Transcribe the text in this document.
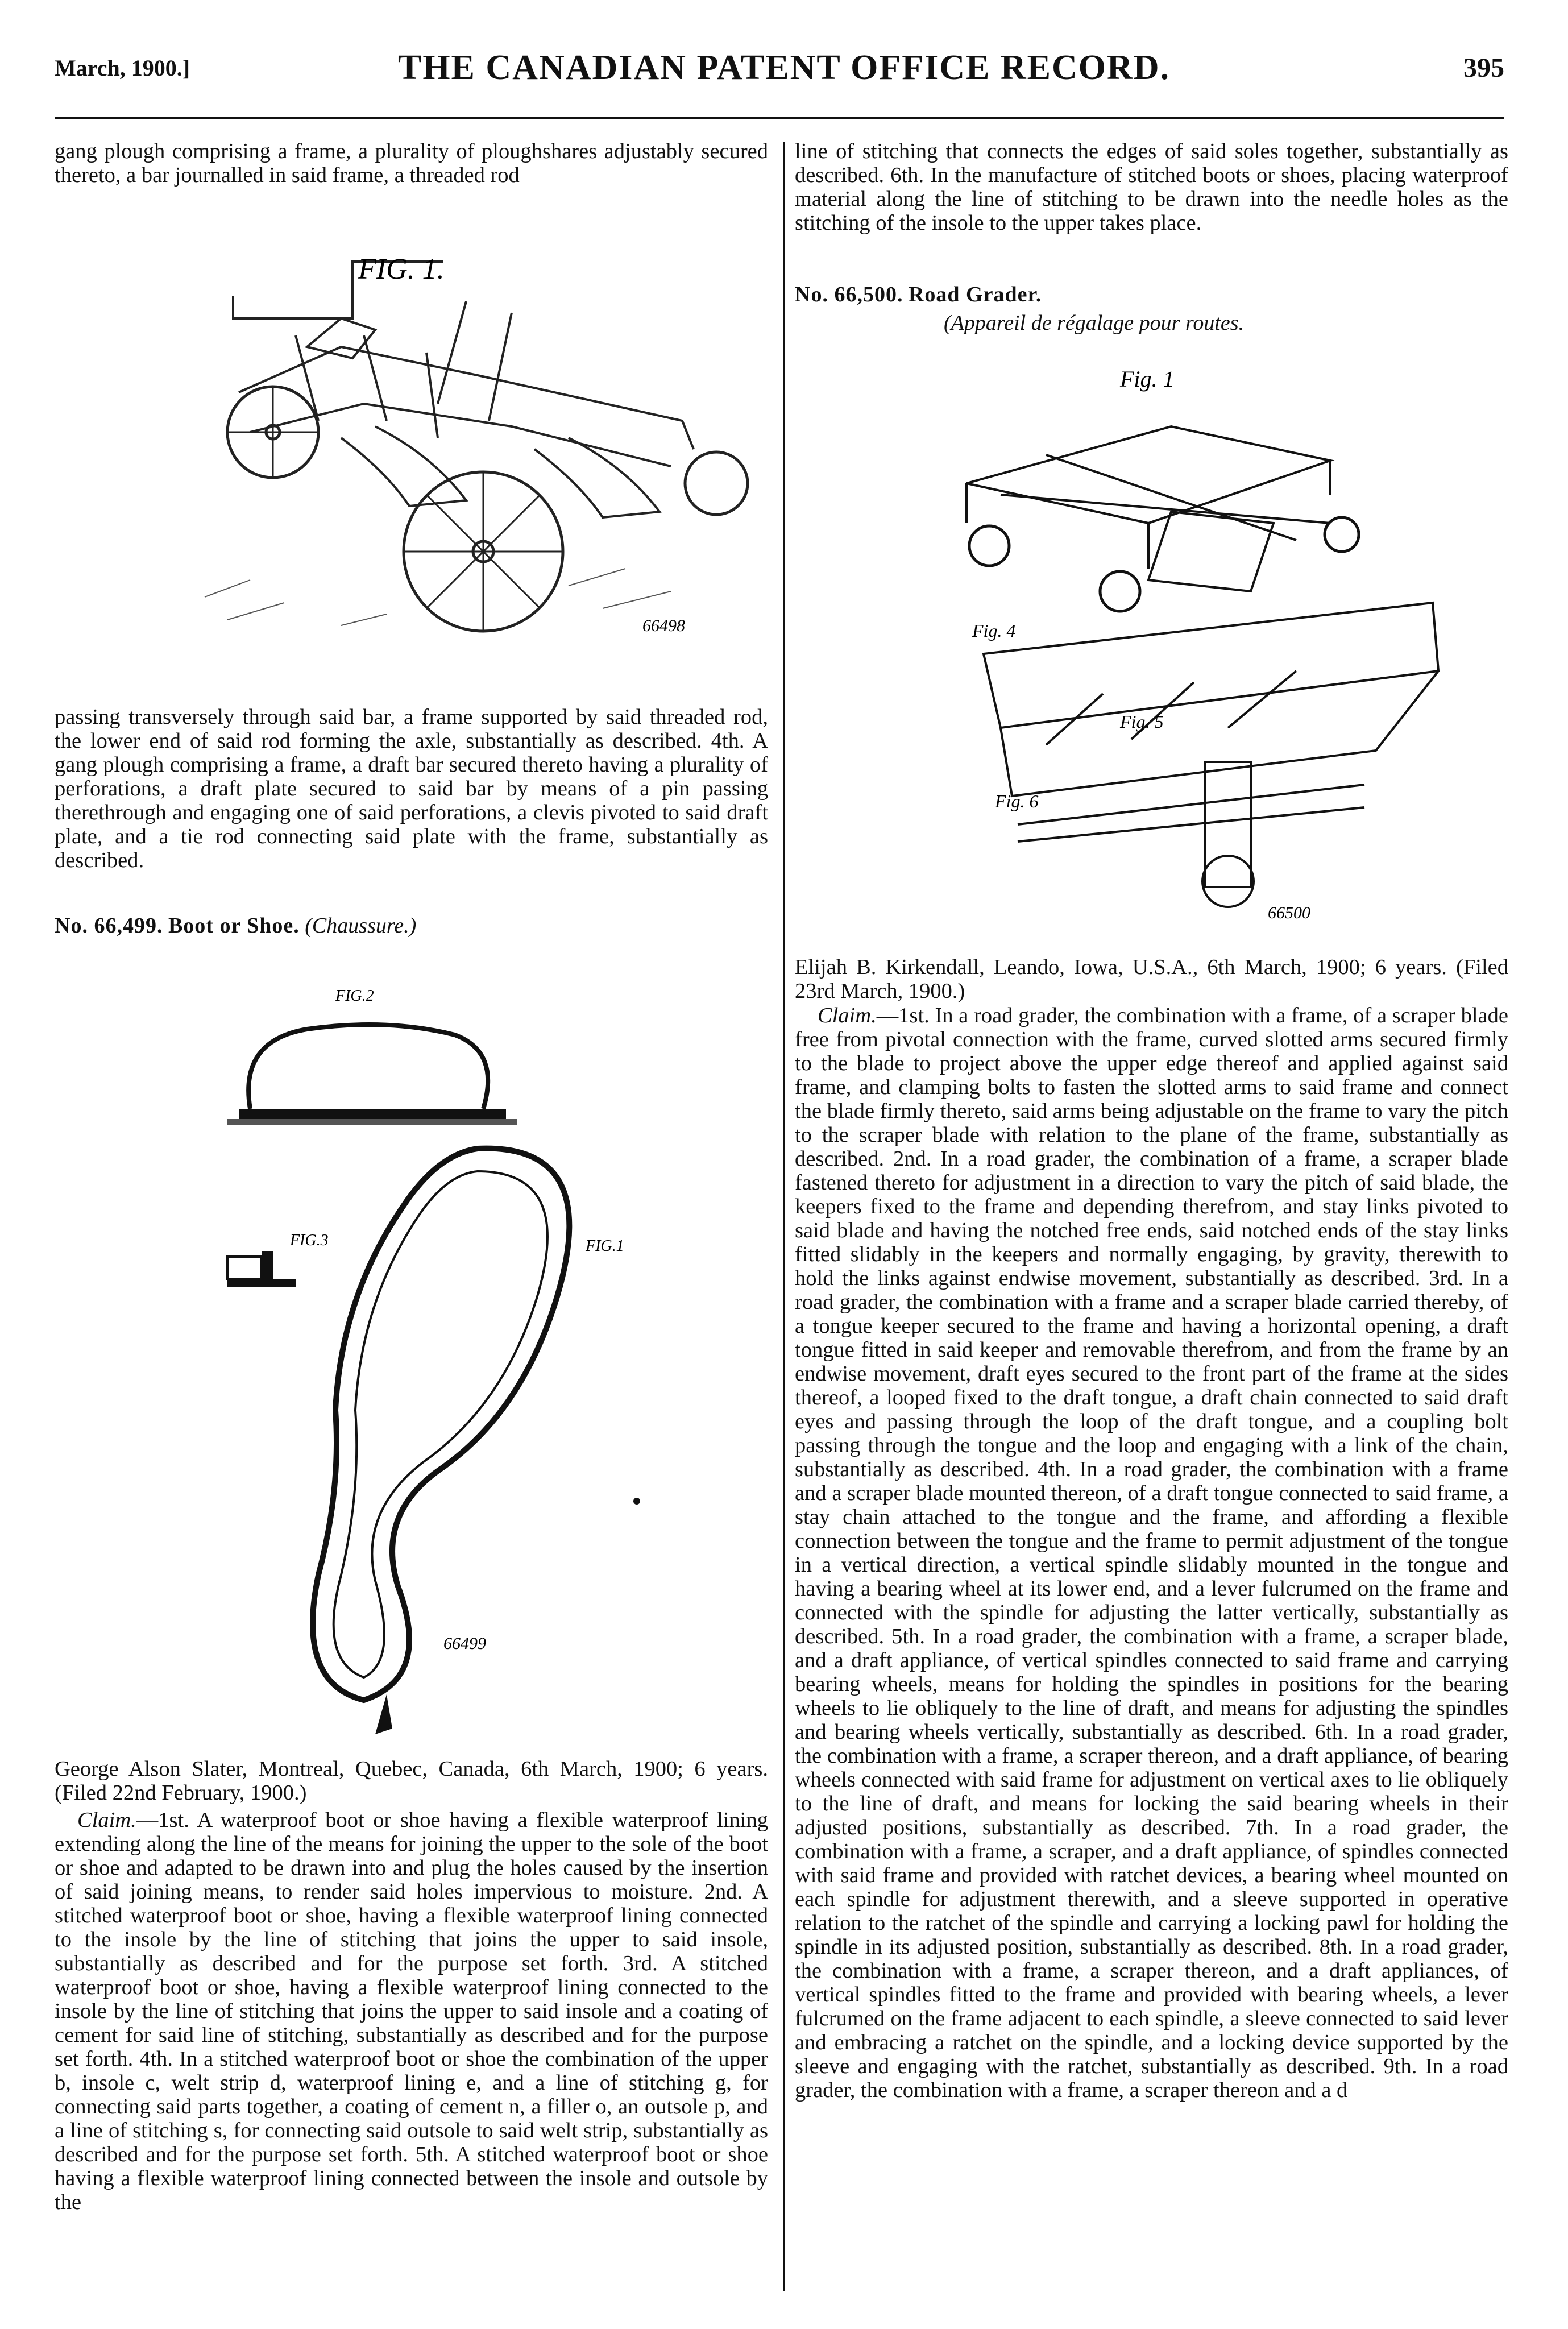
March, 1900.]	THE CANADIAN PATENT OFFICE RECORD.	395
gang plough comprising a frame, a plurality of ploughshares adjustably secured thereto, a bar journalled in said frame, a threaded rod
FIG. 1.
66498
passing transversely through said bar, a frame supported by said threaded rod, the lower end of said rod forming the axle, substantially as described. 4th. A gang plough comprising a frame, a draft bar secured thereto having a plurality of perforations, a draft plate secured to said bar by means of a pin passing therethrough and engaging one of said perforations, a clevis pivoted to said draft plate, and a tie rod connecting said plate with the frame, substantially as described.
No. 66,499. Boot or Shoe. (Chaussure.)
FIG.2
FIG.3	FIG.1
66499
George Alson Slater, Montreal, Quebec, Canada, 6th March, 1900; 6 years. (Filed 22nd February, 1900.)
Claim.—1st. A waterproof boot or shoe having a flexible waterproof lining extending along the line of the means for joining the upper to the sole of the boot or shoe and adapted to be drawn into and plug the holes caused by the insertion of said joining means, to render said holes impervious to moisture. 2nd. A stitched waterproof boot or shoe, having a flexible waterproof lining connected to the insole by the line of stitching that joins the upper to said insole, substantially as described and for the purpose set forth. 3rd. A stitched waterproof boot or shoe, having a flexible waterproof lining connected to the insole by the line of stitching that joins the upper to said insole and a coating of cement for said line of stitching, substantially as described and for the purpose set forth. 4th. In a stitched waterproof boot or shoe the combination of the upper b, insole c, welt strip d, waterproof lining e, and a line of stitching g, for connecting said parts together, a coating of cement n, a filler o, an outsole p, and a line of stitching s, for connecting said outsole to said welt strip, substantially as described and for the purpose set forth. 5th. A stitched waterproof boot or shoe having a flexible waterproof lining connected between the insole and outsole by the
line of stitching that connects the edges of said soles together, substantially as described. 6th. In the manufacture of stitched boots or shoes, placing waterproof material along the line of stitching to be drawn into the needle holes as the stitching of the insole to the upper takes place.
No. 66,500. Road Grader.
(Appareil de régalage pour routes.
Fig. 1
Fig. 4
Fig. 5
Fig. 6
66500
Elijah B. Kirkendall, Leando, Iowa, U.S.A., 6th March, 1900; 6 years. (Filed 23rd March, 1900.)
Claim.—1st. In a road grader, the combination with a frame, of a scraper blade free from pivotal connection with the frame, curved slotted arms secured firmly to the blade to project above the upper edge thereof and applied against said frame, and clamping bolts to fasten the slotted arms to said frame and connect the blade firmly thereto, said arms being adjustable on the frame to vary the pitch to the scraper blade with relation to the plane of the frame, substantially as described. 2nd. In a road grader, the combination of a frame, a scraper blade fastened thereto for adjustment in a direction to vary the pitch of said blade, the keepers fixed to the frame and depending therefrom, and stay links pivoted to said blade and having the notched free ends, said notched ends of the stay links fitted slidably in the keepers and normally engaging, by gravity, therewith to hold the links against endwise movement, substantially as described. 3rd. In a road grader, the combination with a frame and a scraper blade carried thereby, of a tongue keeper secured to the frame and having a horizontal opening, a draft tongue fitted in said keeper and removable therefrom, and from the frame by an endwise movement, draft eyes secured to the front part of the frame at the sides thereof, a looped fixed to the draft tongue, a draft chain connected to said draft eyes and passing through the loop of the draft tongue, and a coupling bolt passing through the tongue and the loop and engaging with a link of the chain, substantially as described. 4th. In a road grader, the combination with a frame and a scraper blade mounted thereon, of a draft tongue connected to said frame, a stay chain attached to the tongue and the frame, and affording a flexible connection between the tongue and the frame to permit adjustment of the tongue in a vertical direction, a vertical spindle slidably mounted in the tongue and having a bearing wheel at its lower end, and a lever fulcrumed on the frame and connected with the spindle for adjusting the latter vertically, substantially as described. 5th. In a road grader, the combination with a frame, a scraper blade, and a draft appliance, of vertical spindles connected to said frame and carrying bearing wheels, means for holding the spindles in positions for the bearing wheels to lie obliquely to the line of draft, and means for adjusting the spindles and bearing wheels vertically, substantially as described. 6th. In a road grader, the combination with a frame, a scraper thereon, and a draft appliance, of bearing wheels connected with said frame for adjustment on vertical axes to lie obliquely to the line of draft, and means for locking the said bearing wheels in their adjusted positions, substantially as described. 7th. In a road grader, the combination with a frame, a scraper, and a draft appliance, of spindles connected with said frame and provided with ratchet devices, a bearing wheel mounted on each spindle for adjustment therewith, and a sleeve supported in operative relation to the ratchet of the spindle and carrying a locking pawl for holding the spindle in its adjusted position, substantially as described. 8th. In a road grader, the combination with a frame, a scraper thereon, and a draft appliances, of vertical spindles fitted to the frame and provided with bearing wheels, a lever fulcrumed on the frame adjacent to each spindle, a sleeve connected to said lever and embracing a ratchet on the spindle, and a locking device supported by the sleeve and engaging with the ratchet, substantially as described. 9th. In a road grader, the combination with a frame, a scraper thereon and a d
